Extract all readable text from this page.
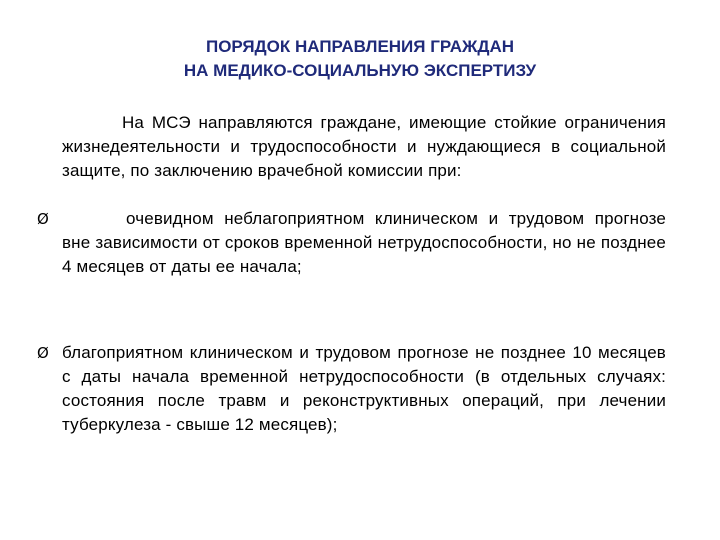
ПОРЯДОК НАПРАВЛЕНИЯ ГРАЖДАН
НА МЕДИКО-СОЦИАЛЬНУЮ ЭКСПЕРТИЗУ
На МСЭ направляются граждане, имеющие стойкие ограничения жизнедеятельности и трудоспособности и нуждающиеся в социальной защите, по заключению врачебной комиссии при:
Ø	очевидном неблагоприятном клиническом и трудовом прогнозе вне зависимости от сроков временной нетрудоспособности, но не позднее 4 месяцев от даты ее начала;
Ø благоприятном клиническом и трудовом прогнозе не позднее 10 месяцев с даты начала временной нетрудоспособности (в отдельных случаях: состояния после травм и реконструктивных операций, при лечении туберкулеза - свыше 12 месяцев);
